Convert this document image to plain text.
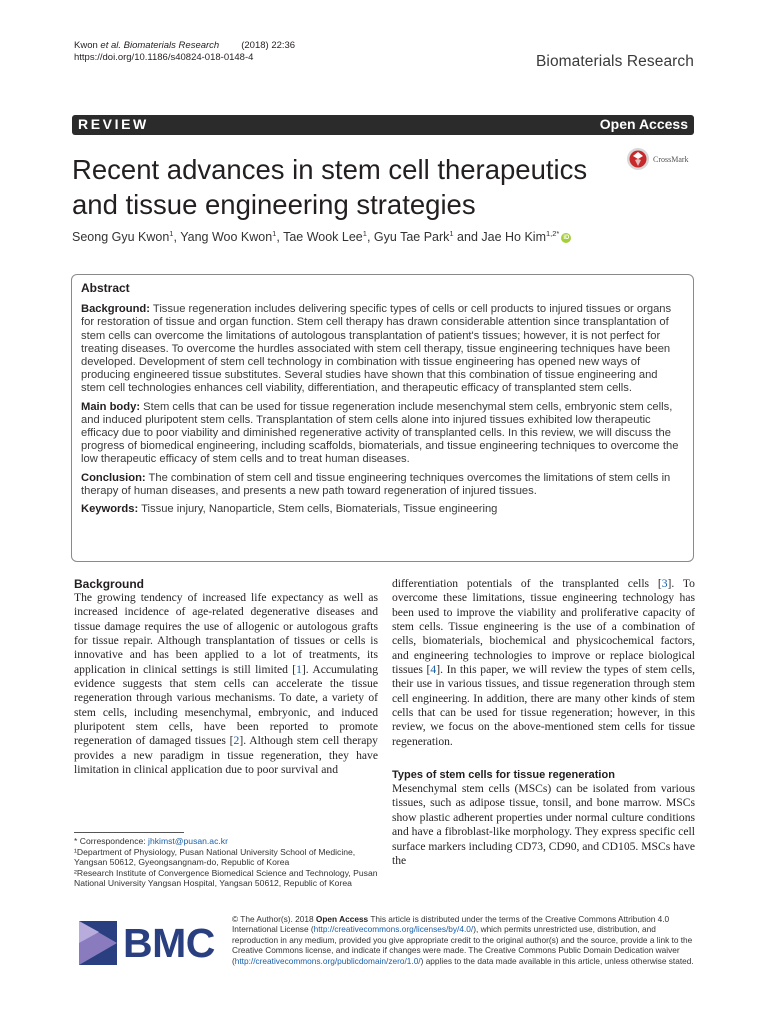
Kwon et al. Biomaterials Research (2018) 22:36
https://doi.org/10.1186/s40824-018-0148-4	Biomaterials Research
REVIEW	Open Access
Recent advances in stem cell therapeutics and tissue engineering strategies
CrossMark
Seong Gyu Kwon$^1$, Yang Woo Kwon$^1$, Tae Wook Lee$^1$, Gyu Tae Park$^1$ and Jae Ho Kim$^{1,2*}$ iD
Abstract

Background: Tissue regeneration includes delivering specific types of cells or cell products to injured tissues or organs for restoration of tissue and organ function. Stem cell therapy has drawn considerable attention since transplantation of stem cells can overcome the limitations of autologous transplantation of patient's tissues; however, it is not perfect for treating diseases. To overcome the hurdles associated with stem cell therapy, tissue engineering techniques have been developed. Development of stem cell technology in combination with tissue engineering has opened new ways of producing engineered tissue substitutes. Several studies have shown that this combination of tissue engineering and stem cell technologies enhances cell viability, differentiation, and therapeutic efficacy of transplanted stem cells.

Main body: Stem cells that can be used for tissue regeneration include mesenchymal stem cells, embryonic stem cells, and induced pluripotent stem cells. Transplantation of stem cells alone into injured tissues exhibited low therapeutic efficacy due to poor viability and diminished regenerative activity of transplanted cells. In this review, we will discuss the progress of biomedical engineering, including scaffolds, biomaterials, and tissue engineering techniques to overcome the low therapeutic efficacy of stem cells and to treat human diseases.

Conclusion: The combination of stem cell and tissue engineering techniques overcomes the limitations of stem cells in therapy of human diseases, and presents a new path toward regeneration of injured tissues.

Keywords: Tissue injury, Nanoparticle, Stem cells, Biomaterials, Tissue engineering

Background
The growing tendency of increased life expectancy as well as increased incidence of age-related degenerative diseases and tissue damage requires the use of allogenic or autologous grafts for tissue repair. Although transplantation of tissues or cells is innovative and has been applied to a lot of treatments, its application in clinical settings is still limited [1]. Accumulating evidence suggests that stem cells can accelerate the tissue regeneration through various mechanisms. To date, a variety of stem cells, including mesenchymal, embryonic, and induced pluripotent stem cells, have been reported to promote regeneration of damaged tissues [2]. Although stem cell therapy provides a new paradigm in tissue regeneration, they have limitation in clinical application due to poor survival and
differentiation potentials of the transplanted cells [3]. To overcome these limitations, tissue engineering technology has been used to improve the viability and proliferative capacity of stem cells. Tissue engineering is the use of a combination of cells, biomaterials, biochemical and physicochemical factors, and engineering technologies to improve or replace biological tissues [4]. In this paper, we will review the types of stem cells, their use in various tissues, and tissue regeneration through stem cell engineering. In addition, there are many other kinds of stem cells that can be used for tissue regeneration; however, in this review, we focus on the above-mentioned stem cells for tissue regeneration.
Types of stem cells for tissue regeneration
Mesenchymal stem cells (MSCs) can be isolated from various tissues, such as adipose tissue, tonsil, and bone marrow. MSCs show plastic adherent properties under normal culture conditions and have a fibroblast-like morphology. They express specific cell surface markers including CD73, CD90, and CD105. MSCs have the
* Correspondence: jhkimst@pusan.ac.kr
¹Department of Physiology, Pusan National University School of Medicine, Yangsan 50612, Gyeongsangnam-do, Republic of Korea
²Research Institute of Convergence Biomedical Science and Technology, Pusan National University Yangsan Hospital, Yangsan 50612, Republic of Korea
BMC
© The Author(s). 2018 Open Access This article is distributed under the terms of the Creative Commons Attribution 4.0 International License (http://creativecommons.org/licenses/by/4.0/), which permits unrestricted use, distribution, and reproduction in any medium, provided you give appropriate credit to the original author(s) and the source, provide a link to the Creative Commons license, and indicate if changes were made. The Creative Commons Public Domain Dedication waiver (http://creativecommons.org/publicdomain/zero/1.0/) applies to the data made available in this article, unless otherwise stated.
